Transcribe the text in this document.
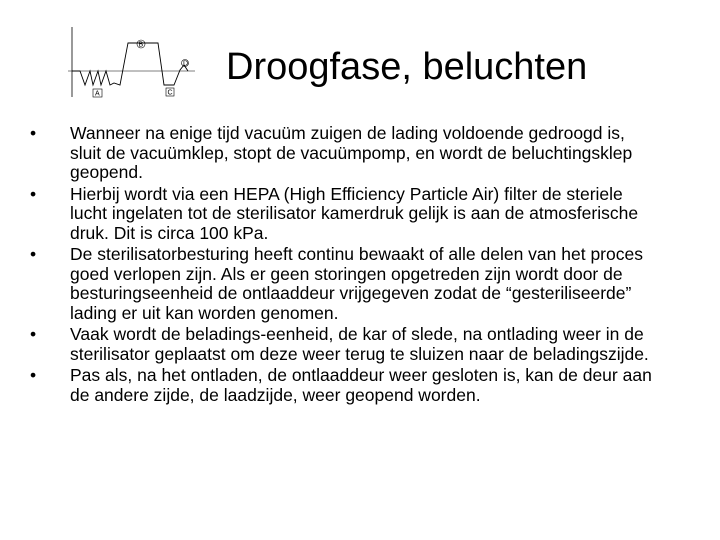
B
C
D
A
Droogfase, beluchten
•	Wanneer na enige tijd vacuüm zuigen de lading voldoende gedroogd is, sluit de vacuümklep, stopt de vacuümpomp, en wordt de beluchtingsklep geopend.
•	Hierbij wordt via een HEPA (High Efficiency Particle Air) filter de steriele lucht ingelaten tot de sterilisator kamerdruk gelijk is aan de atmosferische druk. Dit is circa 100 kPa.
•	De sterilisatorbesturing heeft continu bewaakt of alle delen van het proces goed verlopen zijn. Als er geen storingen opgetreden zijn wordt door de besturingseenheid de ontlaaddeur vrijgegeven zodat de “gesteriliseerde” lading er uit kan worden genomen.
•	Vaak wordt de beladings-eenheid, de kar of slede, na ontlading weer in de sterilisator geplaatst om deze weer terug te sluizen naar de beladingszijde.
•	Pas als, na het ontladen, de ontlaaddeur weer gesloten is, kan de deur aan de andere zijde, de laadzijde, weer geopend worden.
